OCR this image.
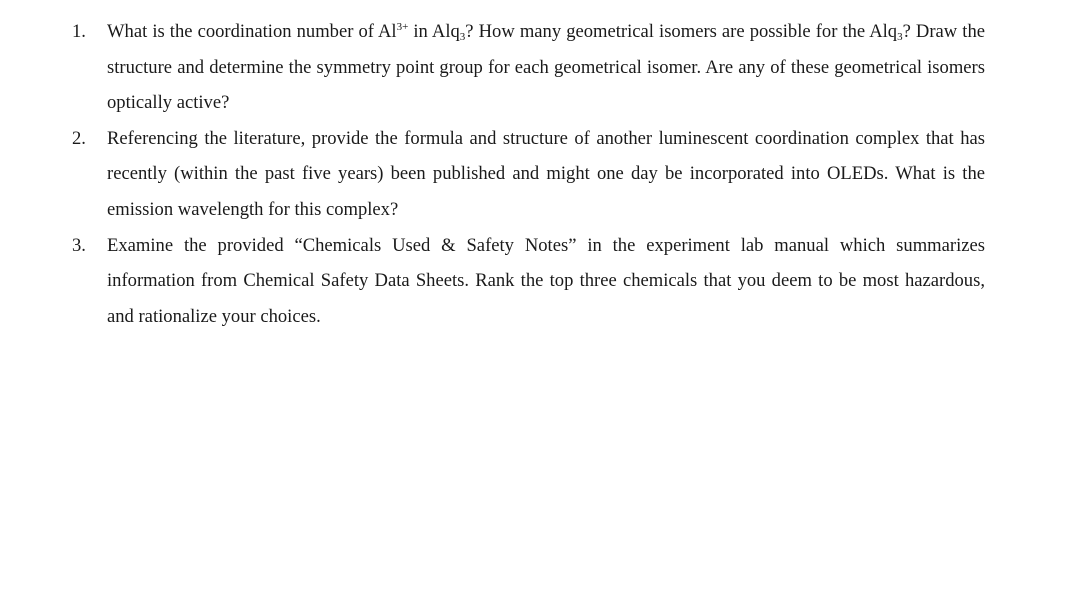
1. What is the coordination number of $Al^{3+}$ in Alq$_3$? How many geometrical isomers are possible for the Alq$_3$? Draw the structure and determine the symmetry point group for each geometrical isomer. Are any of these geometrical isomers optically active?
2. Referencing the literature, provide the formula and structure of another luminescent coordination complex that has recently (within the past five years) been published and might one day be incorporated into OLEDs. What is the emission wavelength for this complex?
3. Examine the provided “Chemicals Used & Safety Notes” in the experiment lab manual which summarizes information from Chemical Safety Data Sheets. Rank the top three chemicals that you deem to be most hazardous, and rationalize your choices.
